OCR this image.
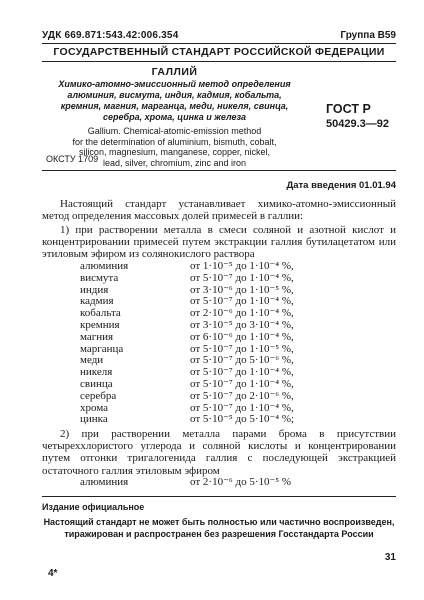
УДК 669.871:543.42:006.354	Группа В59
ГОСУДАРСТВЕННЫЙ СТАНДАРТ РОССИЙСКОЙ ФЕДЕРАЦИИ
ГАЛЛИЙ
Химико-атомно-эмиссионный метод определения
алюминия, висмута, индия, кадмия, кобальта,
кремния, магния, марганца, меди, никеля, свинца,
серебра, хрома, цинка и железа
Gallium. Chemical-atomic-emission method
for the determination of aluminium, bismuth, cobalt,
silicon, magnesium, manganese, copper, nickel,
lead, silver, chromium, zinc and iron
ГОСТ Р
50429.3—92
ОКСТУ 1709
Дата введения 01.01.94
Настоящий стандарт устанавливает химико-атомно-эмиссионный метод определения массовых долей примесей в галлии:
1) при растворении металла в смеси соляной и азотной кислот и концентрировании примесей путем экстракции галлия бутилацетатом или этиловым эфиром из солянокислого раствора
алюминия	от 1·10⁻⁵ до 1·10⁻⁴ %,
висмута	от 5·10⁻⁷ до 1·10⁻⁴ %,
индия	от 3·10⁻⁶ до 1·10⁻⁵ %,
кадмия	от 5·10⁻⁷ до 1·10⁻⁴ %,
кобальта	от 2·10⁻⁶ до 1·10⁻⁴ %,
кремния	от 3·10⁻⁵ до 3·10⁻⁴ %,
магния	от 6·10⁻⁶ до 1·10⁻⁴ %,
марганца	от 5·10⁻⁷ до 1·10⁻⁵ %,
меди	от 5·10⁻⁷ до 5·10⁻⁶ %,
никеля	от 5·10⁻⁷ до 1·10⁻⁴ %,
свинца	от 5·10⁻⁷ до 1·10⁻⁴ %,
серебра	от 5·10⁻⁷ до 2·10⁻⁶ %,
хрома	от 5·10⁻⁷ до 1·10⁻⁴ %,
цинка	от 5·10⁻⁵ до 5·10⁻⁴ %;
2) при растворении металла парами брома в присутствии четыреххлористого углерода и соляной кислоты и концентрировании путем отгонки тригалогенида галлия с последующей экстракцией остаточного галлия этиловым эфиром
алюминия	от 2·10⁻⁶ до 5·10⁻⁵ %
Издание официальное
Настоящий стандарт не может быть полностью или частично воспроизведен, тиражирован и распространен без разрешения Госстандарта России
31
4*
